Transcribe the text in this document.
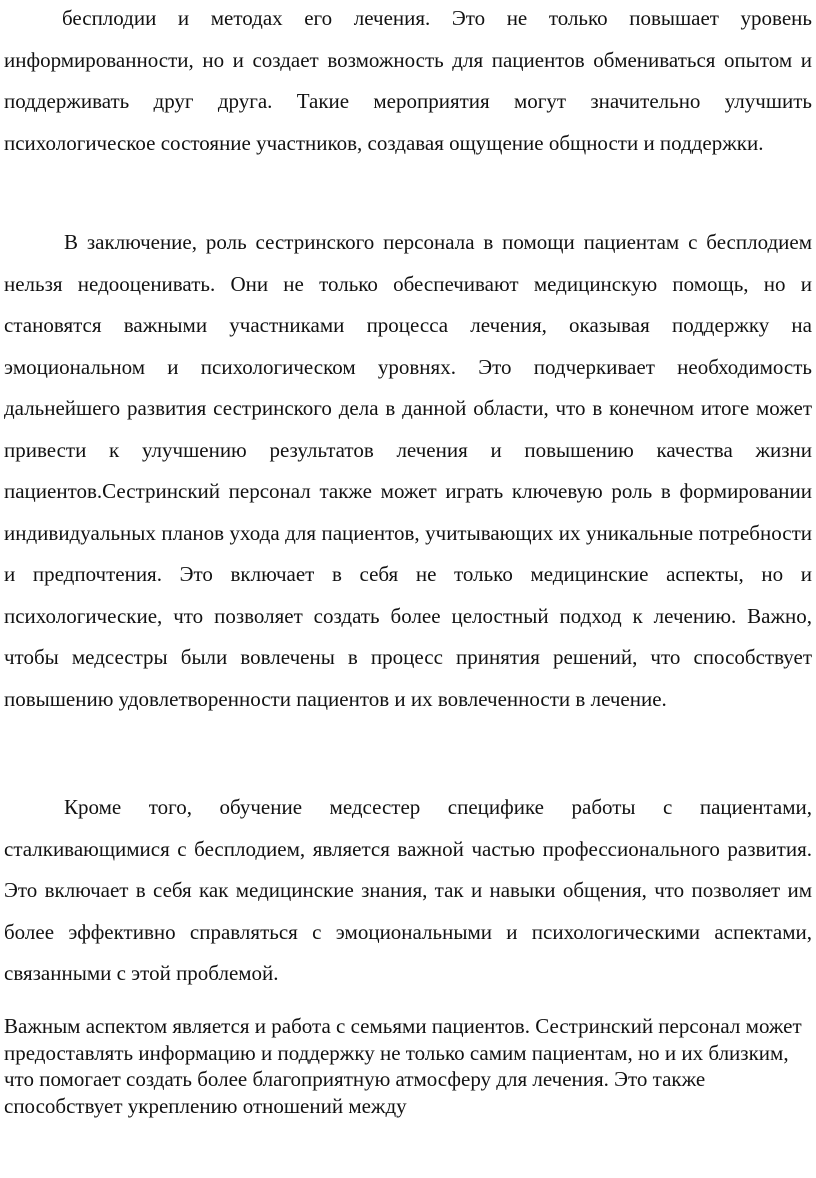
бесплодии и методах его лечения. Это не только повышает уровень информированности, но и создает возможность для пациентов обмениваться опытом и поддерживать друг друга. Такие мероприятия могут значительно улучшить психологическое состояние участников, создавая ощущение общности и поддержки.

В заключение, роль сестринского персонала в помощи пациентам с бесплодием нельзя недооценивать. Они не только обеспечивают медицинскую помощь, но и становятся важными участниками процесса лечения, оказывая поддержку на эмоциональном и психологическом уровнях. Это подчеркивает необходимость дальнейшего развития сестринского дела в данной области, что в конечном итоге может привести к улучшению результатов лечения и повышению качества жизни пациентов.Сестринский персонал также может играть ключевую роль в формировании индивидуальных планов ухода для пациентов, учитывающих их уникальные потребности и предпочтения. Это включает в себя не только медицинские аспекты, но и психологические, что позволяет создать более целостный подход к лечению. Важно, чтобы медсестры были вовлечены в процесс принятия решений, что способствует повышению удовлетворенности пациентов и их вовлеченности в лечение.

Кроме того, обучение медсестер специфике работы с пациентами, сталкивающимися с бесплодием, является важной частью профессионального развития. Это включает в себя как медицинские знания, так и навыки общения, что позволяет им более эффективно справляться с эмоциональными и психологическими аспектами, связанными с этой проблемой.

Важным аспектом является и работа с семьями пациентов. Сестринский персонал может предоставлять информацию и поддержку не только самим пациентам, но и их близким, что помогает создать более благоприятную атмосферу для лечения. Это также способствует укреплению отношений между
